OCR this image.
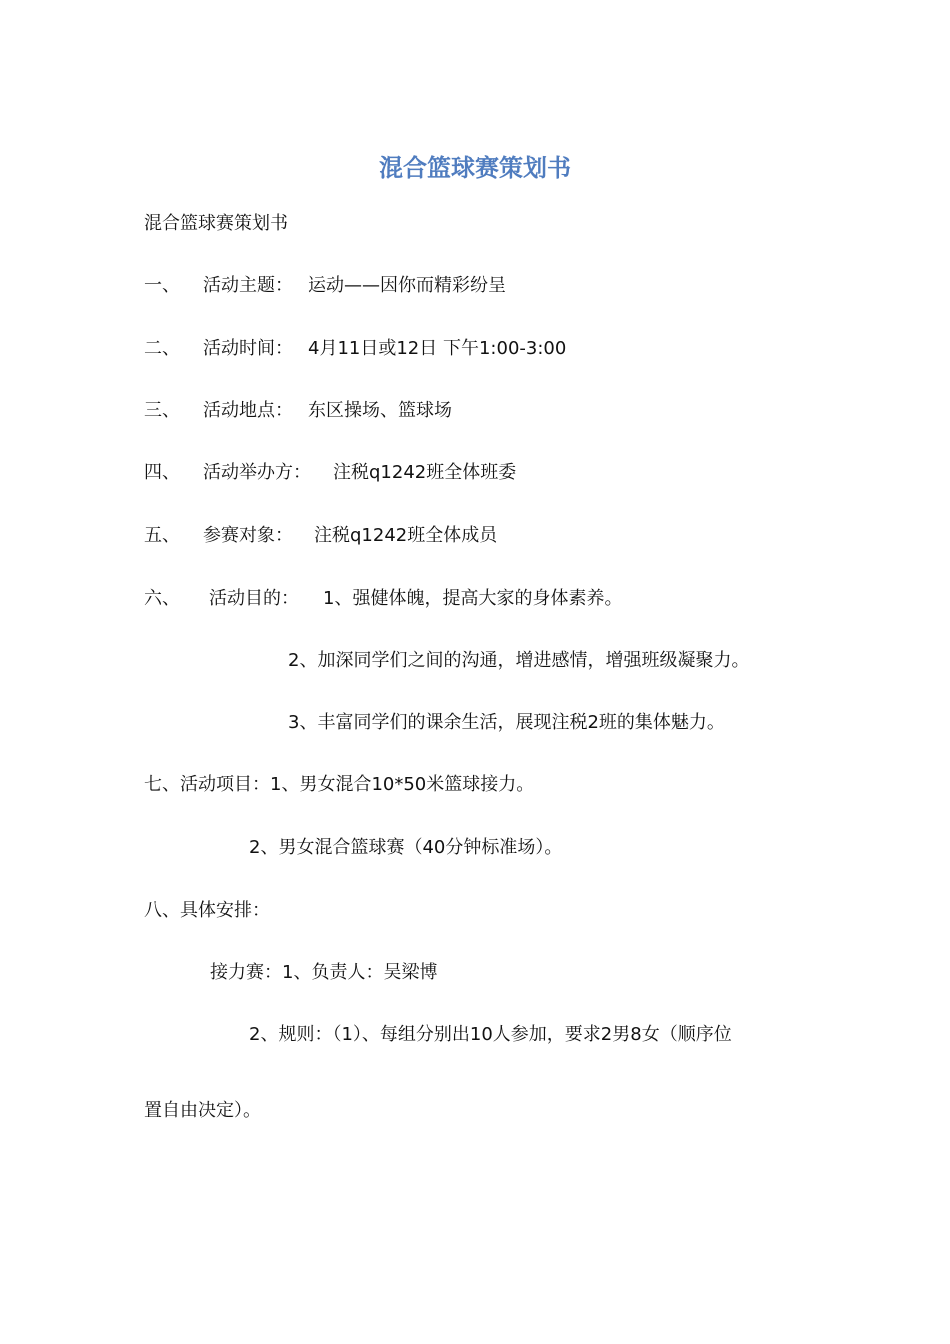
混合篮球赛策划书

混合篮球赛策划书

一、 活动主题： 运动——因你而精彩纷呈

二、 活动时间： 4月11日或12日 下午1:00-3:00

三、 活动地点： 东区操场、篮球场

四、 活动举办方： 注税q1242班全体班委

五、 参赛对象： 注税q1242班全体成员

六、 活动目的： 1、强健体魄，提高大家的身体素养。

2、加深同学们之间的沟通，增进感情，增强班级凝聚力。

3、丰富同学们的课余生活，展现注税2班的集体魅力。

七、活动项目：1、男女混合10*50米篮球接力。

2、男女混合篮球赛（40分钟标准场）。

八、具体安排：

接力赛：1、负责人：吴梁博

2、规则：（1）、每组分别出10人参加，要求2男8女（顺序位

置自由决定）。
